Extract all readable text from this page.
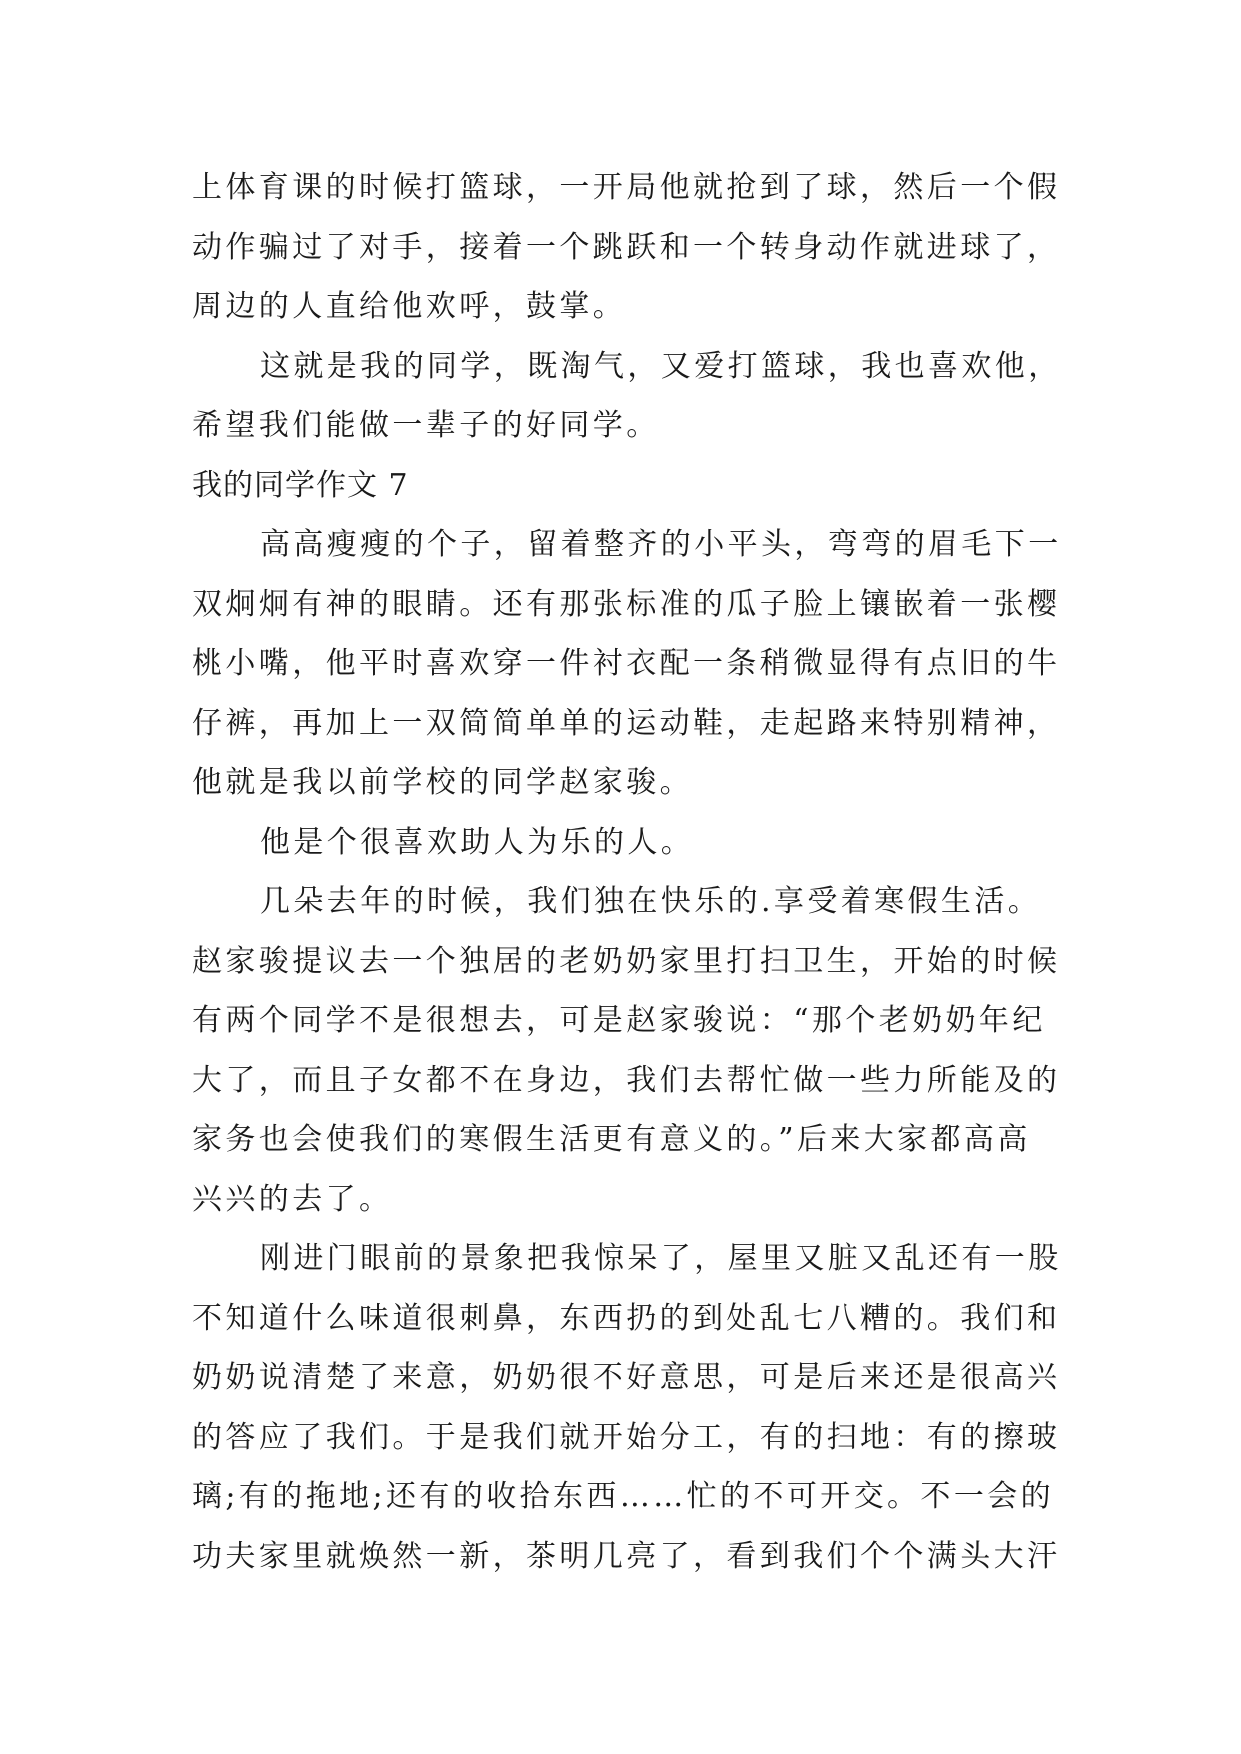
上体育课的时候打篮球，一开局他就抢到了球，然后一个假
动作骗过了对手，接着一个跳跃和一个转身动作就进球了，
周边的人直给他欢呼，鼓掌。
这就是我的同学，既淘气，又爱打篮球，我也喜欢他，
希望我们能做一辈子的好同学。
我的同学作文 7
高高瘦瘦的个子，留着整齐的小平头，弯弯的眉毛下一
双炯炯有神的眼睛。还有那张标准的瓜子脸上镶嵌着一张樱
桃小嘴，他平时喜欢穿一件衬衣配一条稍微显得有点旧的牛
仔裤，再加上一双简简单单的运动鞋，走起路来特别精神，
他就是我以前学校的同学赵家骏。
他是个很喜欢助人为乐的人。
几朵去年的时候，我们独在快乐的.享受着寒假生活。
赵家骏提议去一个独居的老奶奶家里打扫卫生，开始的时候
有两个同学不是很想去，可是赵家骏说：“那个老奶奶年纪
大了，而且子女都不在身边，我们去帮忙做一些力所能及的
家务也会使我们的寒假生活更有意义的。”后来大家都高高
兴兴的去了。
刚进门眼前的景象把我惊呆了，屋里又脏又乱还有一股
不知道什么味道很刺鼻，东西扔的到处乱七八糟的。我们和
奶奶说清楚了来意，奶奶很不好意思，可是后来还是很高兴
的答应了我们。于是我们就开始分工，有的扫地：有的擦玻
璃;有的拖地;还有的收拾东西……忙的不可开交。不一会的
功夫家里就焕然一新，茶明几亮了，看到我们个个满头大汗
